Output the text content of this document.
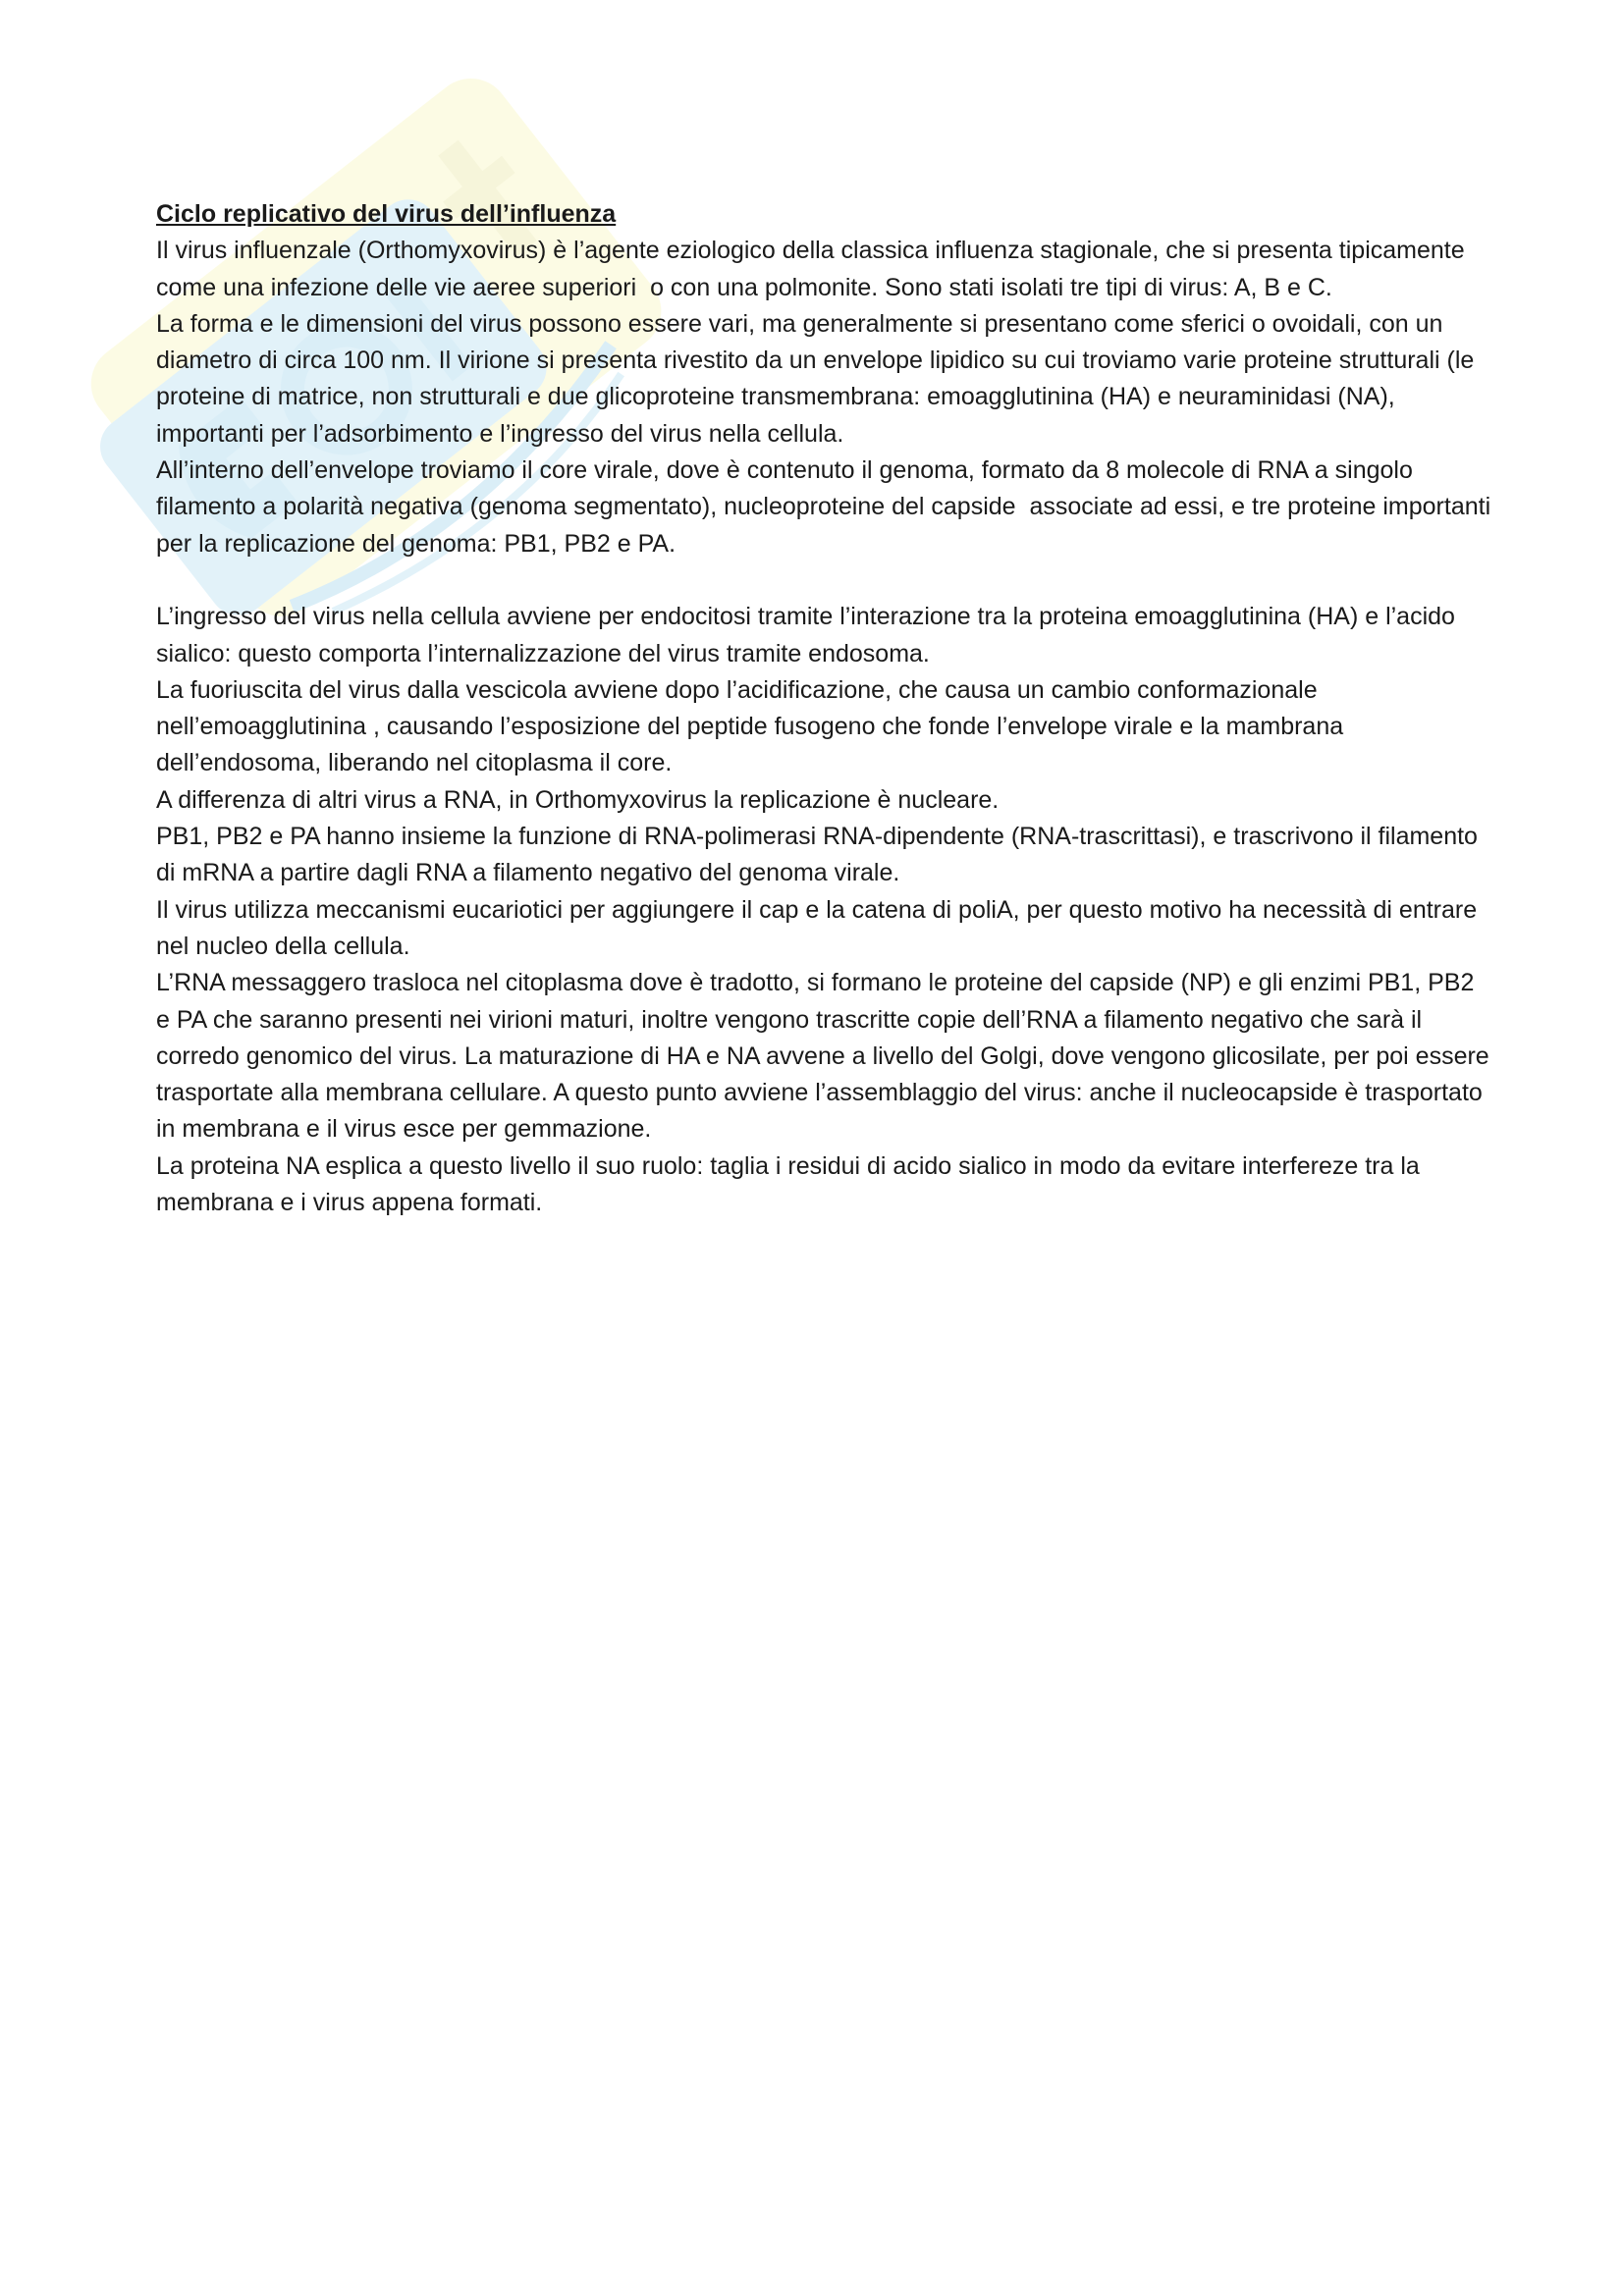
Ciclo replicativo del virus dell’influenza

Il virus influenzale (Orthomyxovirus) è l’agente eziologico della classica influenza stagionale, che si presenta tipicamente come una infezione delle vie aeree superiori  o con una polmonite. Sono stati isolati tre tipi di virus: A, B e C.

La forma e le dimensioni del virus possono essere vari, ma generalmente si presentano come sferici o ovoidali, con un diametro di circa 100 nm. Il virione si presenta rivestito da un envelope lipidico su cui troviamo varie proteine strutturali (le proteine di matrice, non strutturali e due glicoproteine transmembrana: emoagglutinina (HA) e neuraminidasi (NA), importanti per l’adsorbimento e l’ingresso del virus nella cellula.

All’interno dell’envelope troviamo il core virale, dove è contenuto il genoma, formato da 8 molecole di RNA a singolo filamento a polarità negativa (genoma segmentato), nucleoproteine del capside  associate ad essi, e tre proteine importanti per la replicazione del genoma: PB1, PB2 e PA.

L’ingresso del virus nella cellula avviene per endocitosi tramite l’interazione tra la proteina emoagglutinina (HA) e l’acido sialico: questo comporta l’internalizzazione del virus tramite endosoma.

La fuoriuscita del virus dalla vescicola avviene dopo l’acidificazione, che causa un cambio conformazionale nell’emoagglutinina , causando l’esposizione del peptide fusogeno che fonde l’envelope virale e la mambrana dell’endosoma, liberando nel citoplasma il core.

A differenza di altri virus a RNA, in Orthomyxovirus la replicazione è nucleare.

PB1, PB2 e PA hanno insieme la funzione di RNA-polimerasi RNA-dipendente (RNA-trascrittasi), e trascrivono il filamento di mRNA a partire dagli RNA a filamento negativo del genoma virale.

Il virus utilizza meccanismi eucariotici per aggiungere il cap e la catena di poliA, per questo motivo ha necessità di entrare nel nucleo della cellula.

L’RNA messaggero trasloca nel citoplasma dove è tradotto, si formano le proteine del capside (NP) e gli enzimi PB1, PB2 e PA che saranno presenti nei virioni maturi, inoltre vengono trascritte copie dell’RNA a filamento negativo che sarà il corredo genomico del virus. La maturazione di HA e NA avvene a livello del Golgi, dove vengono glicosilate, per poi essere trasportate alla membrana cellulare. A questo punto avviene l’assemblaggio del virus: anche il nucleocapside è trasportato in membrana e il virus esce per gemmazione.

La proteina NA esplica a questo livello il suo ruolo: taglia i residui di acido sialico in modo da evitare interfereze tra la membrana e i virus appena formati.
